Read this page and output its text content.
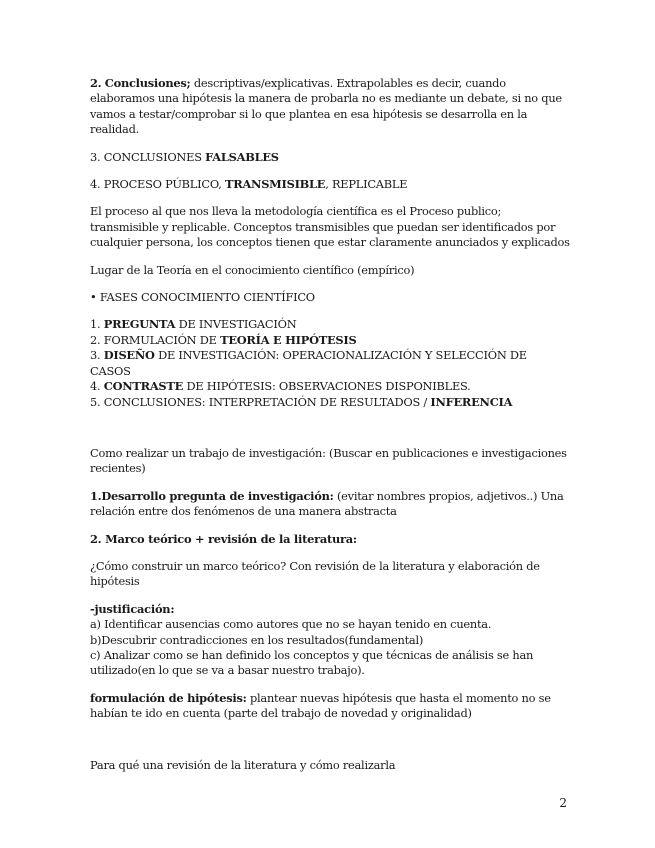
2. Conclusiones; descriptivas/explicativas. Extrapolables es decir, cuando elaboramos una hipótesis la manera de probarla no es mediante un debate, si no que vamos a testar/comprobar si lo que plantea en esa hipótesis se desarrolla en la realidad.

3. CONCLUSIONES FALSABLES

4. PROCESO PÚBLICO, TRANSMISIBLE, REPLICABLE

El proceso al que nos lleva la metodología científica es el Proceso publico; transmisible y replicable. Conceptos transmisibles que puedan ser identificados por cualquier persona, los conceptos tienen que estar claramente anunciados y explicados

Lugar de la Teoría en el conocimiento científico (empírico)

• FASES CONOCIMIENTO CIENTÍFICO

1. PREGUNTA DE INVESTIGACIÓN

2. FORMULACIÓN DE TEORÍA E HIPÓTESIS

3. DISEÑO DE INVESTIGACIÓN: OPERACIONALIZACIÓN Y SELECCIÓN DE CASOS

4. CONTRASTE DE HIPÓTESIS: OBSERVACIONES DISPONIBLES.

5. CONCLUSIONES: INTERPRETACIÓN DE RESULTADOS / INFERENCIA

Como realizar un trabajo de investigación: (Buscar en publicaciones e investigaciones recientes)

1.Desarrollo pregunta de investigación: (evitar nombres propios, adjetivos..) Una relación entre dos fenómenos de una manera abstracta

2. Marco teórico + revisión de la literatura:

¿Cómo construir un marco teórico? Con revisión de la literatura y elaboración de hipótesis

-justificación:

a) Identificar ausencias como autores que no se hayan tenido en cuenta.

b)Descubrir contradicciones en los resultados(fundamental)

c) Analizar como se han definido los conceptos y que técnicas de análisis se han utilizado(en lo que se va a basar nuestro trabajo).

formulación de hipótesis: plantear nuevas hipótesis que hasta el momento no se habían te ido en cuenta (parte del trabajo de novedad y originalidad)

Para qué una revisión de la literatura y cómo realizarla

2
